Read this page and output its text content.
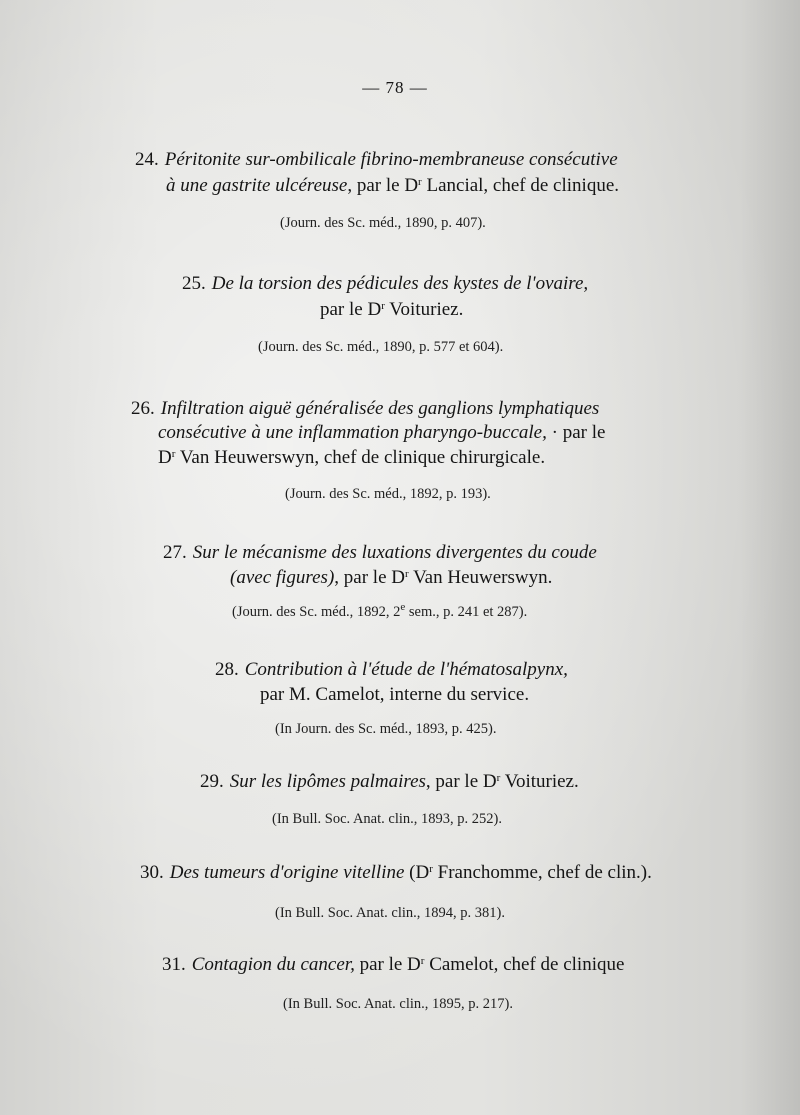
— 78 —
24. Péritonite sur-ombilicale fibrino-membraneuse consécutive
à une gastrite ulcéreuse, par le $D^r$ Lancial, chef de clinique.
(Journ. des Sc. méd., 1890, p. 407).
25. De la torsion des pédicules des kystes de l'ovaire,
par le $D^r$ Voituriez.
(Journ. des Sc. méd., 1890, p. 577 et 604).
26. Infiltration aiguë généralisée des ganglions lymphatiques
consécutive à une inflammation pharyngo-buccale, · par le
$D^r$ Van Heuwerswyn, chef de clinique chirurgicale.
(Journ. des Sc. méd., 1892, p. 193).
27. Sur le mécanisme des luxations divergentes du coude
(avec figures), par le $D^r$ Van Heuwerswyn.
(Journ. des Sc. méd., 1892, 2e sem., p. 241 et 287).
28. Contribution à l'étude de l'hématosalpynx,
par M. Camelot, interne du service.
(In Journ. des Sc. méd., 1893, p. 425).
29. Sur les lipômes palmaires, par le $D^r$ Voituriez.
(In Bull. Soc. Anat. clin., 1893, p. 252).
30. Des tumeurs d'origine vitelline ($D^r$ Franchomme, chef de clin.).
(In Bull. Soc. Anat. clin., 1894, p. 381).
31. Contagion du cancer, par le $D^r$ Camelot, chef de clinique
(In Bull. Soc. Anat. clin., 1895, p. 217).
